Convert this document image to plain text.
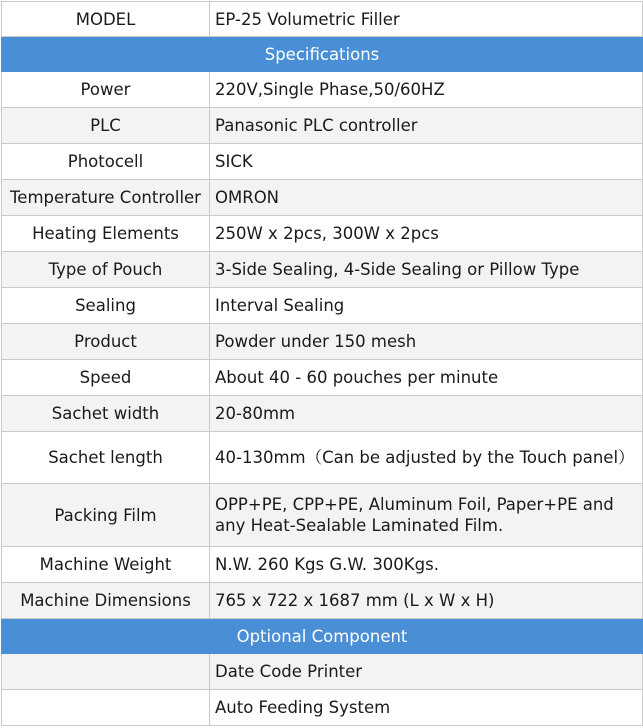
MODEL	EP-25 Volumetric Filler
Specifications	
Power	220V,Single Phase,50/60HZ
PLC	Panasonic PLC controller
Photocell	SICK
Temperature Controller	OMRON
Heating Elements	250W x 2pcs, 300W x 2pcs
Type of Pouch	3-Side Sealing, 4-Side Sealing or Pillow Type
Sealing	Interval Sealing
Product	Powder under 150 mesh
Speed	About 40 - 60 pouches per minute
Sachet width	20-80mm
Sachet length	40-130mm（Can be adjusted by the Touch panel）
Packing Film	OPP+PE, CPP+PE, Aluminum Foil, Paper+PE and any Heat-Sealable Laminated Film.
Machine Weight	N.W. 260 Kgs G.W. 300Kgs.
Machine Dimensions	765 x 722 x 1687 mm (L x W x H)
Optional Component	
	Date Code Printer
	Auto Feeding System
